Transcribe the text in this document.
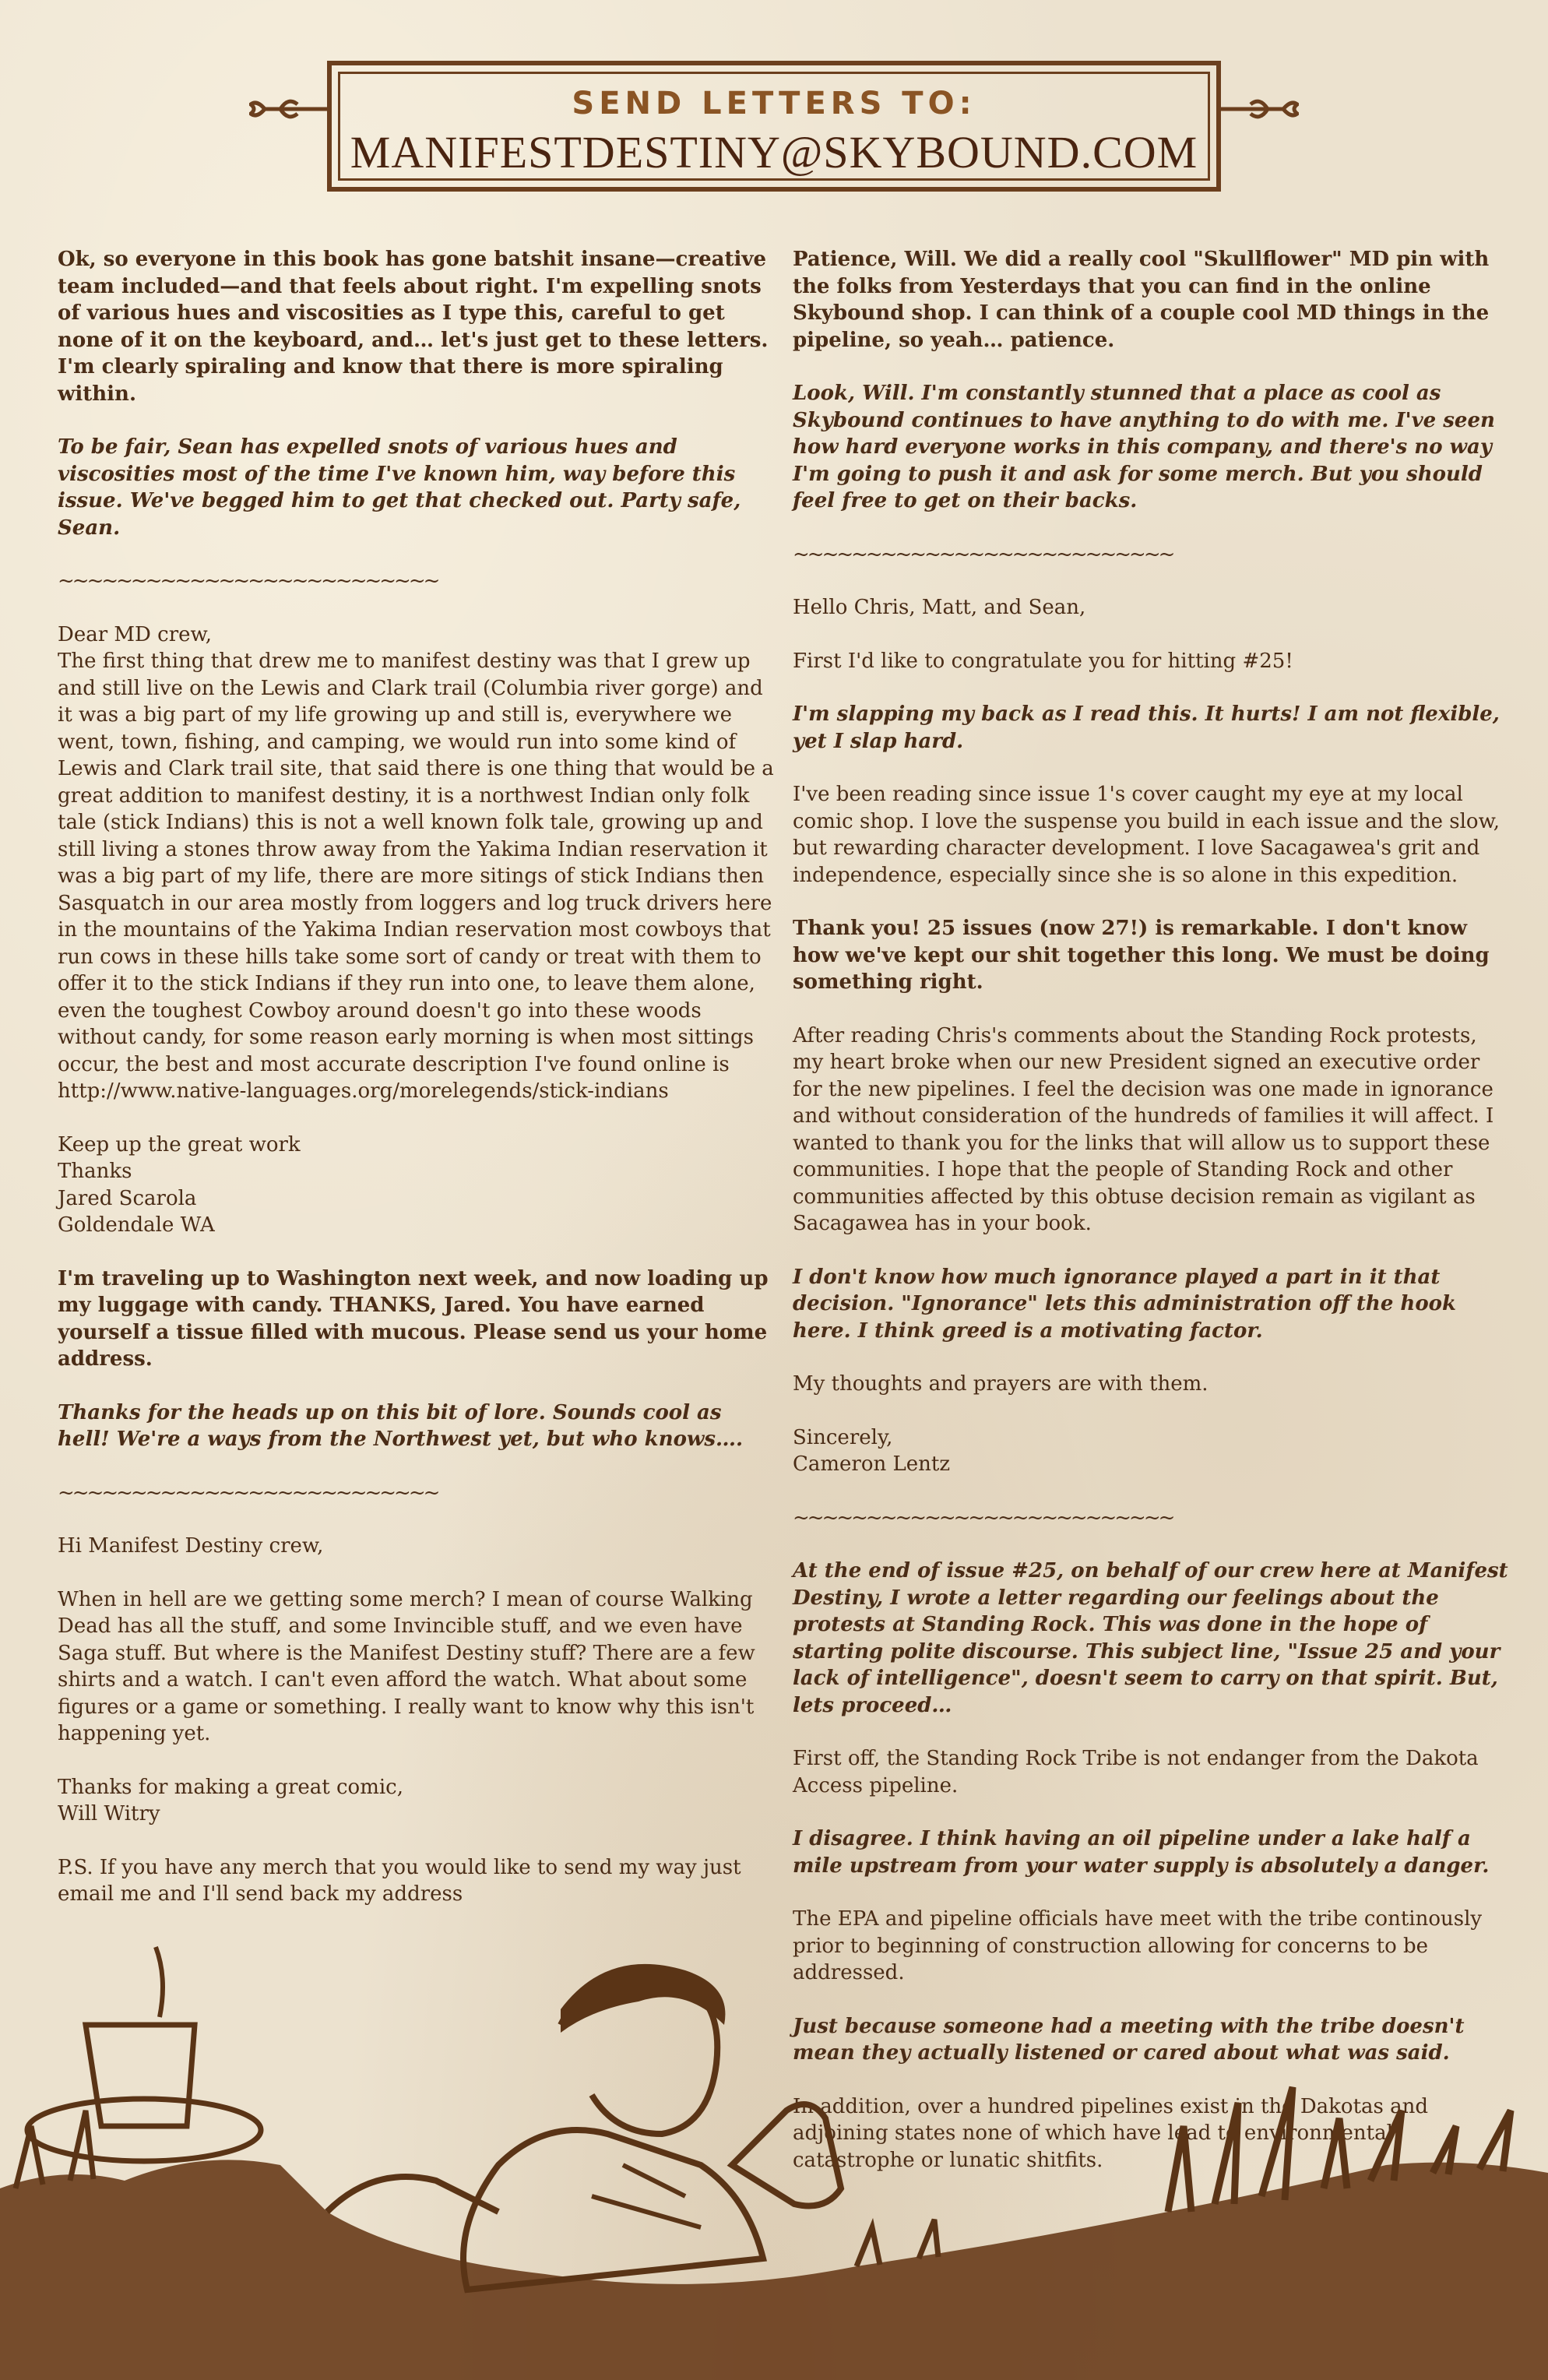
SEND LETTERS TO:
MANIFESTDESTINY@SKYBOUND.COM

Ok, so everyone in this book has gone batshit insane—creative team included—and that feels about right. I'm expelling snots of various hues and viscosities as I type this, careful to get none of it on the keyboard, and… let's just get to these letters. I'm clearly spiraling and know that there is more spiraling within.

To be fair, Sean has expelled snots of various hues and viscosities most of the time I've known him, way before this issue. We've begged him to get that checked out. Party safe, Sean.

~~~~~~~~~~~~~~~~~~~~~~~~~~
Dear MD crew,

The first thing that drew me to manifest destiny was that I grew up and still live on the Lewis and Clark trail (Columbia river gorge) and it was a big part of my life growing up and still is, everywhere we went, town, fishing, and camping, we would run into some kind of Lewis and Clark trail site, that said there is one thing that would be a great addition to manifest destiny, it is a northwest Indian only folk tale (stick Indians) this is not a well known folk tale, growing up and still living a stones throw away from the Yakima Indian reservation it was a big part of my life, there are more sitings of stick Indians then Sasquatch in our area mostly from loggers and log truck drivers here in the mountains of the Yakima Indian reservation most cowboys that run cows in these hills take some sort of candy or treat with them to offer it to the stick Indians if they run into one, to leave them alone, even the toughest Cowboy around doesn't go into these woods without candy, for some reason early morning is when most sittings occur, the best and most accurate description I've found online is http://www.native-languages.org/morelegends/stick-indians

Keep up the great work
Thanks
Jared Scarola
Goldendale WA

I'm traveling up to Washington next week, and now loading up my luggage with candy. THANKS, Jared. You have earned yourself a tissue filled with mucous. Please send us your home address.

Thanks for the heads up on this bit of lore. Sounds cool as hell! We're a ways from the Northwest yet, but who knows….

~~~~~~~~~~~~~~~~~~~~~~~~~~

Hi Manifest Destiny crew,

When in hell are we getting some merch? I mean of course Walking Dead has all the stuff, and some Invincible stuff, and we even have Saga stuff. But where is the Manifest Destiny stuff? There are a few shirts and a watch. I can't even afford the watch. What about some figures or a game or something. I really want to know why this isn't happening yet.

Thanks for making a great comic,
Will Witry

P.S. If you have any merch that you would like to send my way just email me and I'll send back my address

Patience, Will. We did a really cool "Skullflower" MD pin with the folks from Yesterdays that you can find in the online Skybound shop. I can think of a couple cool MD things in the pipeline, so yeah… patience.

Look, Will. I'm constantly stunned that a place as cool as Skybound continues to have anything to do with me. I've seen how hard everyone works in this company, and there's no way I'm going to push it and ask for some merch. But you should feel free to get on their backs.

~~~~~~~~~~~~~~~~~~~~~~~~~~

Hello Chris, Matt, and Sean,

First I'd like to congratulate you for hitting #25!

I'm slapping my back as I read this. It hurts! I am not flexible, yet I slap hard.

I've been reading since issue 1's cover caught my eye at my local comic shop. I love the suspense you build in each issue and the slow, but rewarding character development. I love Sacagawea's grit and independence, especially since she is so alone in this expedition.

Thank you! 25 issues (now 27!) is remarkable. I don't know how we've kept our shit together this long. We must be doing something right.

After reading Chris's comments about the Standing Rock protests, my heart broke when our new President signed an executive order for the new pipelines. I feel the decision was one made in ignorance and without consideration of the hundreds of families it will affect. I wanted to thank you for the links that will allow us to support these communities. I hope that the people of Standing Rock and other communities affected by this obtuse decision remain as vigilant as Sacagawea has in your book.

I don't know how much ignorance played a part in it that decision. "Ignorance" lets this administration off the hook here. I think greed is a motivating factor.

My thoughts and prayers are with them.

Sincerely,
Cameron Lentz

~~~~~~~~~~~~~~~~~~~~~~~~~~

At the end of issue #25, on behalf of our crew here at Manifest Destiny, I wrote a letter regarding our feelings about the protests at Standing Rock. This was done in the hope of starting polite discourse. This subject line, "Issue 25 and your lack of intelligence", doesn't seem to carry on that spirit. But, lets proceed…

First off, the Standing Rock Tribe is not endanger from the Dakota Access pipeline.

I disagree. I think having an oil pipeline under a lake half a mile upstream from your water supply is absolutely a danger.

The EPA and pipeline officials have meet with the tribe continously prior to beginning of construction allowing for concerns to be addressed.

Just because someone had a meeting with the tribe doesn't mean they actually listened or cared about what was said.

In addition, over a hundred pipelines exist in the Dakotas and adjoining states none of which have lead to environmental catastrophe or lunatic shitfits.
